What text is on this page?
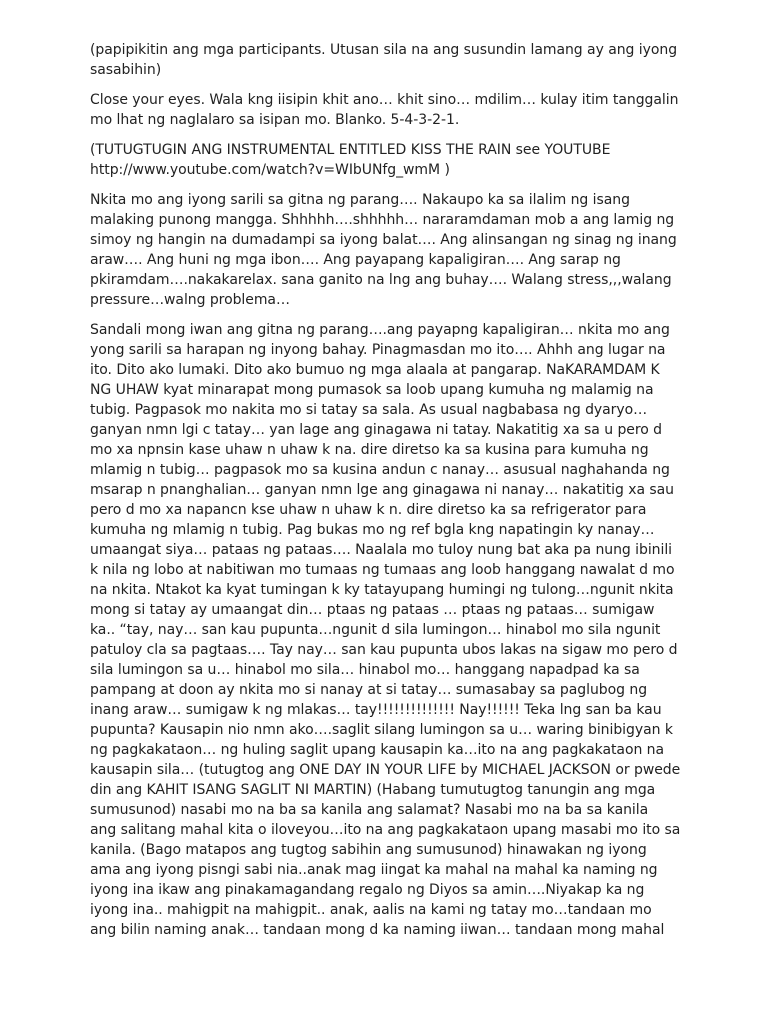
(papipikitin ang mga participants. Utusan sila na ang susundin lamang ay ang iyong
sasabihin)

Close your eyes. Wala kng iisipin khit ano… khit sino… mdilim… kulay itim tanggalin
mo lhat ng naglalaro sa isipan mo. Blanko. 5-4-3-2-1.

(TUTUGTUGIN ANG INSTRUMENTAL ENTITLED KISS THE RAIN see YOUTUBE
http://www.youtube.com/watch?v=WIbUNfg_wmM )

Nkita mo ang iyong sarili sa gitna ng parang…. Nakaupo ka sa ilalim ng isang
malaking punong mangga. Shhhhh….shhhhh… nararamdaman mob a ang lamig ng
simoy ng hangin na dumadampi sa iyong balat…. Ang alinsangan ng sinag ng inang
araw…. Ang huni ng mga ibon…. Ang payapang kapaligiran…. Ang sarap ng
pkiramdam….nakakarelax. sana ganito na lng ang buhay…. Walang stress,,,walang
pressure…walng problema…

Sandali mong iwan ang gitna ng parang….ang payapng kapaligiran… nkita mo ang
yong sarili sa harapan ng inyong bahay. Pinagmasdan mo ito…. Ahhh ang lugar na
ito. Dito ako lumaki. Dito ako bumuo ng mga alaala at pangarap. NaKARAMDAM K
NG UHAW kyat minarapat mong pumasok sa loob upang kumuha ng malamig na
tubig. Pagpasok mo nakita mo si tatay sa sala. As usual nagbabasa ng dyaryo…
ganyan nmn lgi c tatay… yan lage ang ginagawa ni tatay. Nakatitig xa sa u pero d
mo xa npnsin kase uhaw n uhaw k na. dire diretso ka sa kusina para kumuha ng
mlamig n tubig… pagpasok mo sa kusina andun c nanay… asusual naghahanda ng
msarap n pnanghalian… ganyan nmn lge ang ginagawa ni nanay… nakatitig xa sau
pero d mo xa napancn kse uhaw n uhaw k n. dire diretso ka sa refrigerator para
kumuha ng mlamig n tubig. Pag bukas mo ng ref bgla kng napatingin ky nanay…
umaangat siya… pataas ng pataas…. Naalala mo tuloy nung bat aka pa nung ibinili
k nila ng lobo at nabitiwan mo tumaas ng tumaas ang loob hanggang nawalat d mo
na nkita. Ntakot ka kyat tumingan k ky tatayupang humingi ng tulong…ngunit nkita
mong si tatay ay umaangat din… ptaas ng pataas … ptaas ng pataas… sumigaw
ka.. “tay, nay… san kau pupunta…ngunit d sila lumingon… hinabol mo sila ngunit
patuloy cla sa pagtaas…. Tay nay… san kau pupunta ubos lakas na sigaw mo pero d
sila lumingon sa u… hinabol mo sila… hinabol mo… hanggang napadpad ka sa
pampang at doon ay nkita mo si nanay at si tatay… sumasabay sa paglubog ng
inang araw… sumigaw k ng mlakas… tay!!!!!!!!!!!!!! Nay!!!!!! Teka lng san ba kau
pupunta? Kausapin nio nmn ako….saglit silang lumingon sa u… waring binibigyan k
ng pagkakataon… ng huling saglit upang kausapin ka…ito na ang pagkakataon na
kausapin sila… (tutugtog ang ONE DAY IN YOUR LIFE by MICHAEL JACKSON or pwede
din ang KAHIT ISANG SAGLIT NI MARTIN) (Habang tumutugtog tanungin ang mga
sumusunod) nasabi mo na ba sa kanila ang salamat? Nasabi mo na ba sa kanila
ang salitang mahal kita o iloveyou…ito na ang pagkakataon upang masabi mo ito sa
kanila. (Bago matapos ang tugtog sabihin ang sumusunod) hinawakan ng iyong
ama ang iyong pisngi sabi nia..anak mag iingat ka mahal na mahal ka naming ng
iyong ina ikaw ang pinakamagandang regalo ng Diyos sa amin….Niyakap ka ng
iyong ina.. mahigpit na mahigpit.. anak, aalis na kami ng tatay mo…tandaan mo
ang bilin naming anak… tandaan mong d ka naming iiwan… tandaan mong mahal
